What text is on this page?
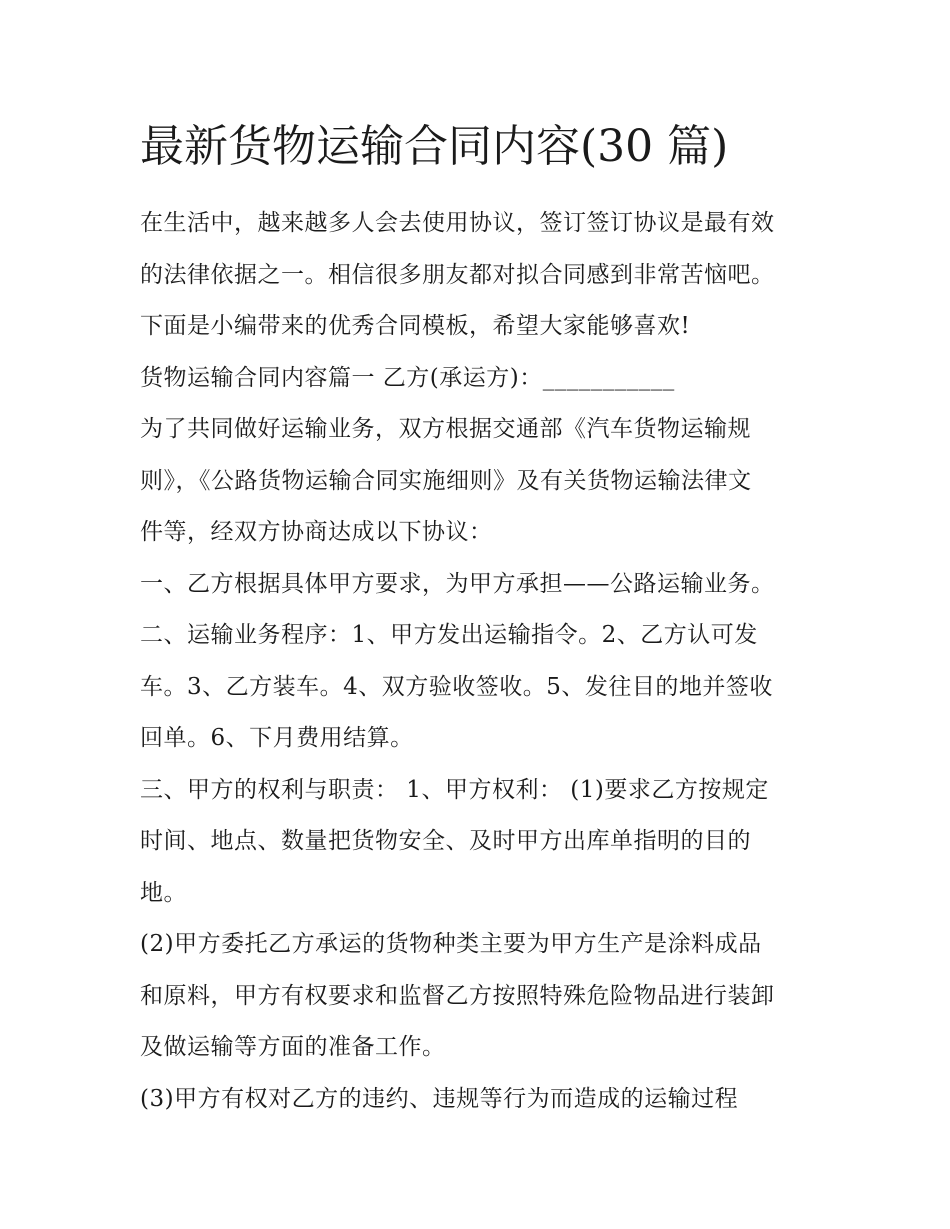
最新货物运输合同内容(30 篇)
在生活中，越来越多人会去使用协议，签订签订协议是最有效
的法律依据之一。相信很多朋友都对拟合同感到非常苦恼吧。
下面是小编带来的优秀合同模板，希望大家能够喜欢!
货物运输合同内容篇一 乙方(承运方)：___________
为了共同做好运输业务，双方根据交通部《汽车货物运输规
则》，《公路货物运输合同实施细则》及有关货物运输法律文
件等，经双方协商达成以下协议：
一、乙方根据具体甲方要求，为甲方承担——公路运输业务。
二、运输业务程序：1、甲方发出运输指令。2、乙方认可发
车。3、乙方装车。4、双方验收签收。5、发往目的地并签收
回单。6、下月费用结算。
三、甲方的权利与职责： 1、甲方权利： (1)要求乙方按规定
时间、地点、数量把货物安全、及时甲方出库单指明的目的
地。
(2)甲方委托乙方承运的货物种类主要为甲方生产是涂料成品
和原料，甲方有权要求和监督乙方按照特殊危险物品进行装卸
及做运输等方面的准备工作。
(3)甲方有权对乙方的违约、违规等行为而造成的运输过程
